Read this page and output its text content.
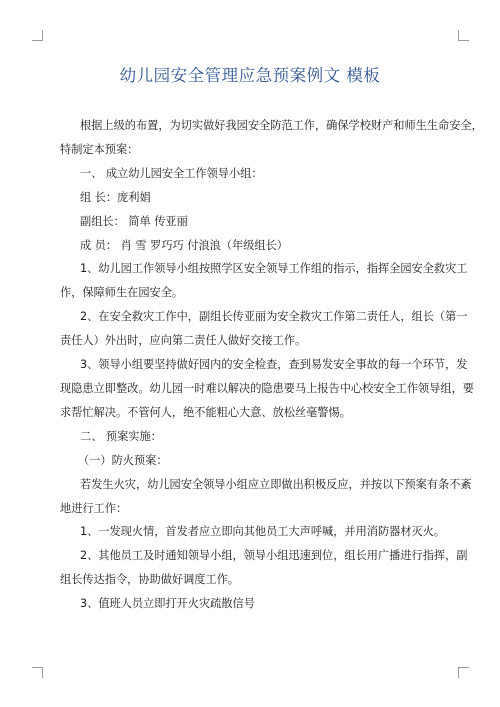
幼儿园安全管理应急预案例文 模板

根据上级的布置，为切实做好我园安全防范工作，确保学校财产和师生生命安全，

特制定本预案：

一、 成立幼儿园安全工作领导小组：

组 长：庞利娟

副组长： 简单 传亚丽

成 员： 肖 雪 罗巧巧 付浪浪（年级组长）

1、幼儿园工作领导小组按照学区安全领导工作组的指示，指挥全园安全救灾工

作，保障师生在园安全。

2、在安全救灾工作中，副组长传亚丽为安全救灾工作第二责任人，组长（第一

责任人）外出时，应向第二责任人做好交接工作。

3、领导小组要坚持做好园内的安全检查，查到易发安全事故的每一个环节，发

现隐患立即整改。幼儿园一时难以解决的隐患要马上报告中心校安全工作领导组，要

求帮忙解决。不管何人，绝不能粗心大意、放松丝毫警惕。

二、 预案实施：

（一）防火预案：

若发生火灾，幼儿园安全领导小组应立即做出积极反应，并按以下预案有条不紊

地进行工作：

1、一发现火情，首发者应立即向其他员工大声呼喊，并用消防器材灭火。

2、其他员工及时通知领导小组，领导小组迅速到位，组长用广播进行指挥，副

组长传达指令，协助做好调度工作。

3、值班人员立即打开火灾疏散信号
